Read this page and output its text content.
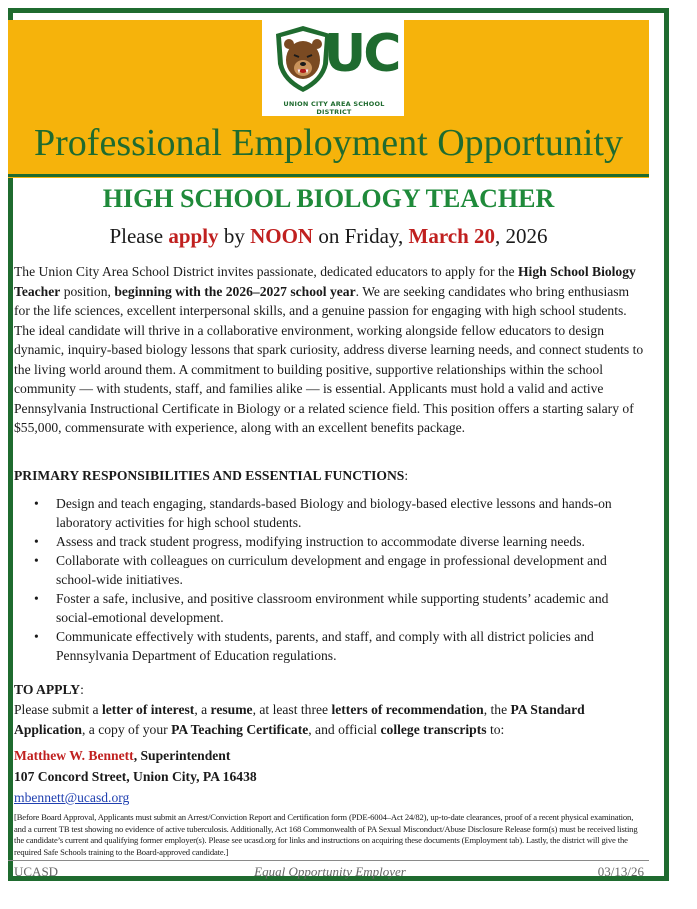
UC
UNION CITY AREA SCHOOL DISTRICT
Professional Employment Opportunity
HIGH SCHOOL BIOLOGY TEACHER
Please apply by NOON on Friday, March 20, 2026
The Union City Area School District invites passionate, dedicated educators to apply for the High School Biology Teacher position, beginning with the 2026–2027 school year. We are seeking candidates who bring enthusiasm for the life sciences, excellent interpersonal skills, and a genuine passion for engaging with high school students. The ideal candidate will thrive in a collaborative environment, working alongside fellow educators to design dynamic, inquiry-based biology lessons that spark curiosity, address diverse learning needs, and connect students to the living world around them. A commitment to building positive, supportive relationships within the school community — with students, staff, and families alike — is essential. Applicants must hold a valid and active Pennsylvania Instructional Certificate in Biology or a related science field. This position offers a starting salary of $55,000, commensurate with experience, along with an excellent benefits package.
PRIMARY RESPONSIBILITIES AND ESSENTIAL FUNCTIONS:
• Design and teach engaging, standards-based Biology and biology-based elective lessons and hands-on laboratory activities for high school students.
• Assess and track student progress, modifying instruction to accommodate diverse learning needs.
• Collaborate with colleagues on curriculum development and engage in professional development and school-wide initiatives.
• Foster a safe, inclusive, and positive classroom environment while supporting students’ academic and social-emotional development.
• Communicate effectively with students, parents, and staff, and comply with all district policies and Pennsylvania Department of Education regulations.
TO APPLY:
Please submit a letter of interest, a resume, at least three letters of recommendation, the PA Standard Application, a copy of your PA Teaching Certificate, and official college transcripts to:
Matthew W. Bennett, Superintendent
107 Concord Street, Union City, PA 16438
mbennett@ucasd.org
[Before Board Approval, Applicants must submit an Arrest/Conviction Report and Certification form (PDE-6004–Act 24/82), up-to-date clearances, proof of a recent physical examination, and a current TB test showing no evidence of active tuberculosis. Additionally, Act 168 Commonwealth of PA Sexual Misconduct/Abuse Disclosure Release form(s) must be received listing the candidate’s current and qualifying former employer(s). Please see ucasd.org for links and instructions on acquiring these documents (Employment tab). Lastly, the district will give the required Safe Schools training to the Board-approved candidate.]
UCASD	Equal Opportunity Employer	03/13/26
